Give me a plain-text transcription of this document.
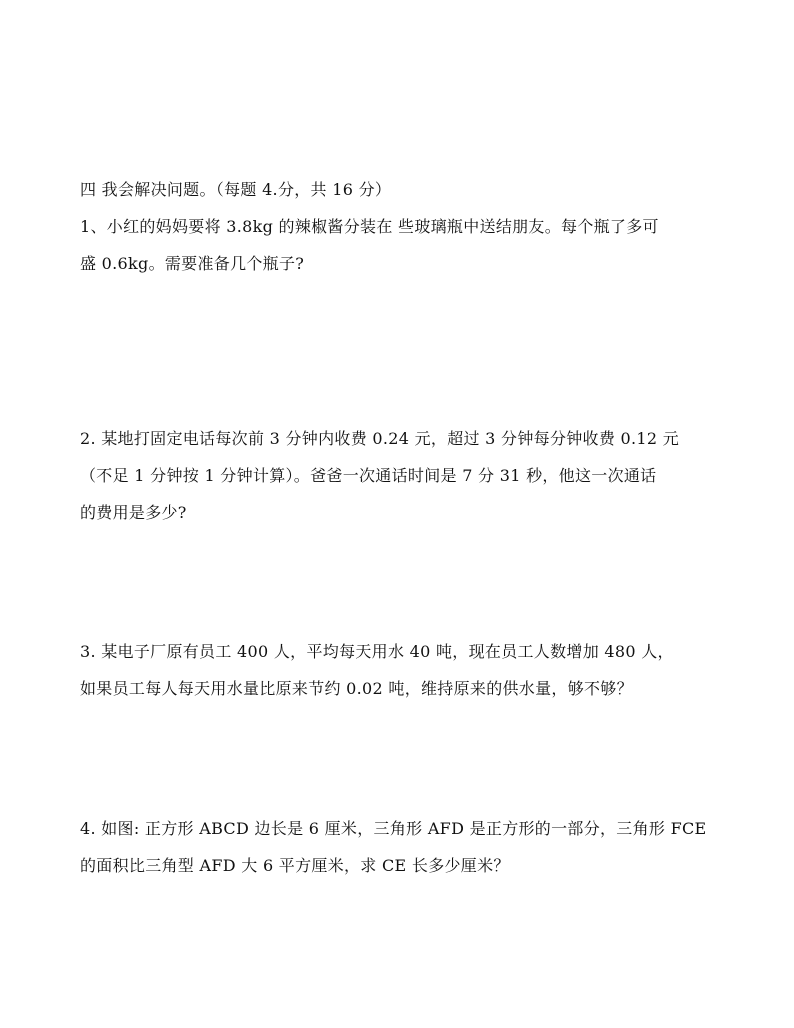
四 我会解决问题。（每题 4.分，共 16 分）
1、小红的妈妈要将 3.8kg 的辣椒酱分装在 些玻璃瓶中送结朋友。每个瓶了多可
盛 0.6kg。需要准备几个瓶子?
2. 某地打固定电话每次前 3 分钟内收费 0.24 元，超过 3 分钟每分钟收费 0.12 元
（不足 1 分钟按 1 分钟计算）。爸爸一次通话时间是 7 分 31 秒，他这一次通话
的费用是多少?
3. 某电子厂原有员工 400 人，平均每天用水 40 吨，现在员工人数增加 480 人，
如果员工每人每天用水量比原来节约 0.02 吨，维持原来的供水量，够不够？
4. 如图: 正方形 ABCD 边长是 6 厘米，三角形 AFD 是正方形的一部分，三角形 FCE
的面积比三角型 AFD 大 6 平方厘米，求 CE 长多少厘米？
